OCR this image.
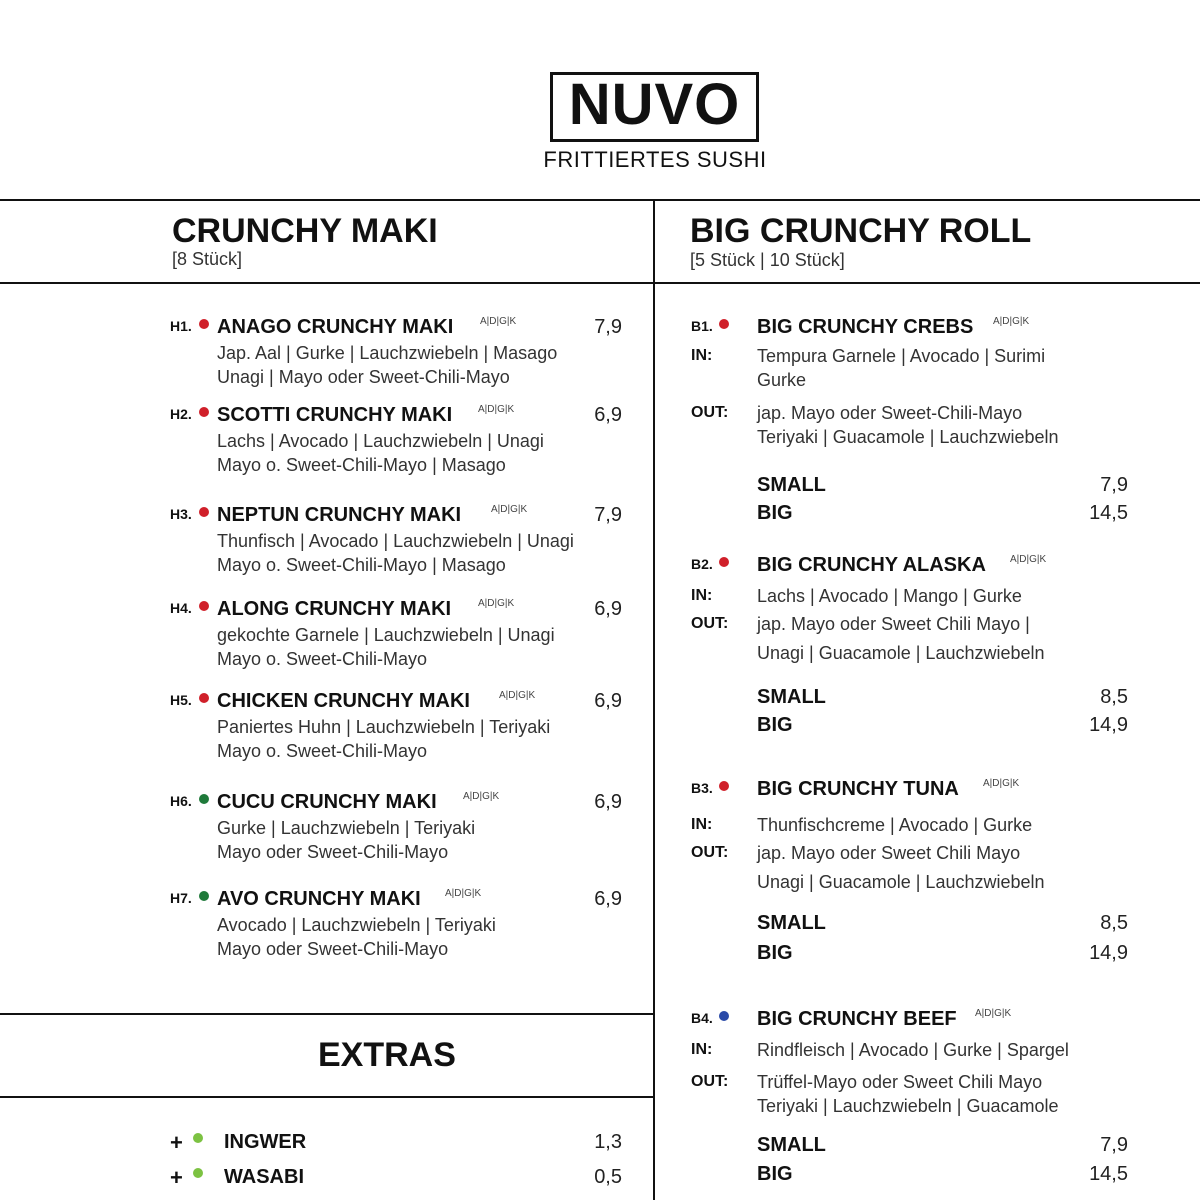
NUVO
FRITTIERTES SUSHI
CRUNCHY MAKI
[8 Stück]
BIG CRUNCHY ROLL
[5 Stück | 10 Stück]
EXTRAS
H1. ANAGO CRUNCHY MAKI	A|D|G|K	7,9
Jap. Aal | Gurke | Lauchzwiebeln | Masago
Unagi | Mayo oder Sweet-Chili-Mayo
H2. SCOTTI CRUNCHY MAKI	A|D|G|K	6,9
Lachs | Avocado | Lauchzwiebeln | Unagi
Mayo o. Sweet-Chili-Mayo | Masago
H3. NEPTUN CRUNCHY MAKI	A|D|G|K	7,9
Thunfisch | Avocado | Lauchzwiebeln | Unagi
Mayo o. Sweet-Chili-Mayo | Masago
H4. ALONG CRUNCHY MAKI	A|D|G|K	6,9
gekochte Garnele | Lauchzwiebeln | Unagi
Mayo o. Sweet-Chili-Mayo
H5. CHICKEN CRUNCHY MAKI	A|D|G|K	6,9
Paniertes Huhn | Lauchzwiebeln | Teriyaki
Mayo o. Sweet-Chili-Mayo
H6. CUCU CRUNCHY MAKI	A|D|G|K	6,9
Gurke | Lauchzwiebeln | Teriyaki
Mayo oder Sweet-Chili-Mayo
H7. AVO CRUNCHY MAKI A|D|G|K	6,9
Avocado | Lauchzwiebeln | Teriyaki
Mayo oder Sweet-Chili-Mayo
+ INGWER	1,3
+ WASABI	0,5
B1. BIG CRUNCHY CREBS A|D|G|K
IN: Tempura Garnele | Avocado | Surimi
Gurke
OUT: jap. Mayo oder Sweet-Chili-Mayo
Teriyaki | Guacamole | Lauchzwiebeln
SMALL	7,9
BIG	14,5
B2. BIG CRUNCHY ALASKA A|D|G|K
IN: Lachs | Avocado | Mango | Gurke
OUT: jap. Mayo oder Sweet Chili Mayo |
Unagi | Guacamole | Lauchzwiebeln
SMALL	8,5
BIG	14,9
B3. BIG CRUNCHY TUNA A|D|G|K
IN: Thunfischcreme | Avocado | Gurke
OUT: jap. Mayo oder Sweet Chili Mayo
Unagi | Guacamole | Lauchzwiebeln
SMALL	8,5
BIG	14,9
B4. BIG CRUNCHY BEEF A|D|G|K
IN: Rindfleisch | Avocado | Gurke | Spargel
OUT: Trüffel-Mayo oder Sweet Chili Mayo
Teriyaki | Lauchzwiebeln | Guacamole
SMALL	7,9
BIG	14,5
